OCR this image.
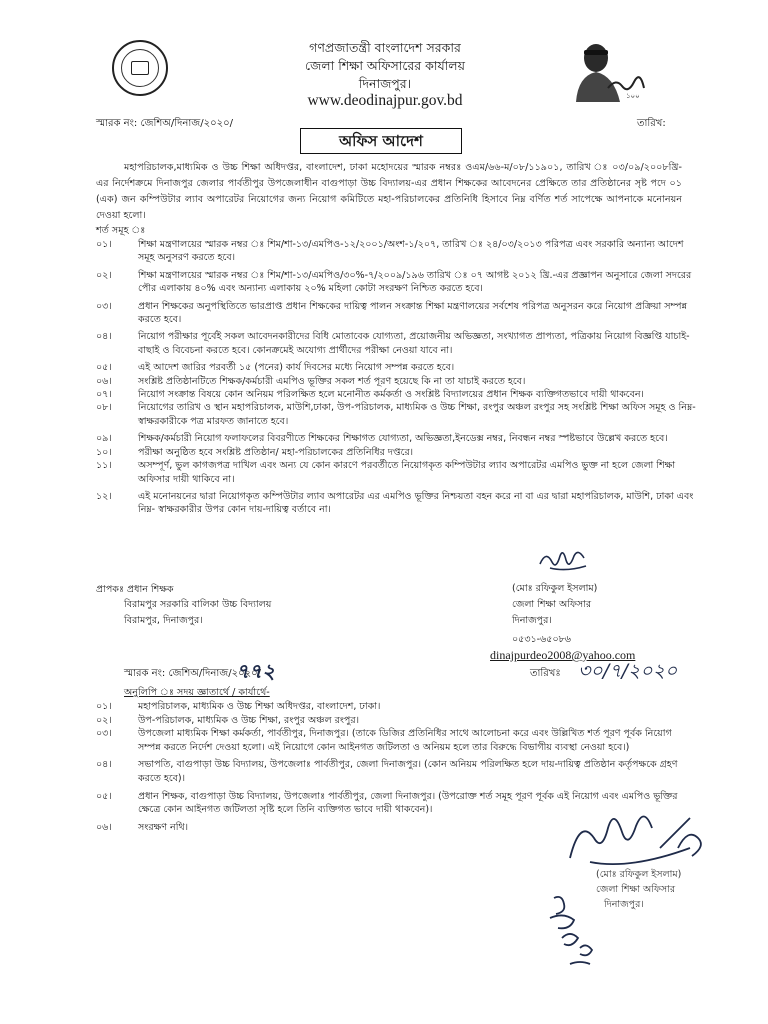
গণপ্রজাতন্ত্রী বাংলাদেশ সরকার
জেলা শিক্ষা অফিসারের কার্যালয়
দিনাজপুর।
www.deodinajpur.gov.bd	১০০
স্মারক নং: জেশিঅ/দিনাজ/২০২০/	তারিখ:
অফিস আদেশ
মহাপরিচালক,মাধ্যমিক ও উচ্চ শিক্ষা অধিদপ্তর, বাংলাদেশ, ঢাকা মহোদয়ের স্মারক নম্বরঃ ওএম/৬৬-ম/০৮/১১৯০১, তারিখ ঃ ০৩/০৯/২০০৮খ্রি-এর নির্দেশক্রমে দিনাজপুর জেলার পার্বতীপুর উপজেলাধীন বাগুপাড়া উচ্চ বিদ্যালয়-এর প্রধান শিক্ষকের আবেদনের প্রেক্ষিতে তার প্রতিষ্ঠানের সৃষ্ট পদে ০১ (এক) জন কম্পিউটার ল্যাব অপারেটর নিয়োগের জন্য নিয়োগ কমিটিতে মহা-পরিচালকের প্রতিনিধি হিসাবে নিম্ন বর্ণিত শর্ত সাপেক্ষে আপনাকে মনোনয়ন দেওয়া হলো।
শর্ত সমূহ ঃ
০১।	শিক্ষা মন্ত্রণালয়ের স্মারক নম্বর ঃ শিম/শা-১৩/এমপিও-১২/২০০১/অংশ-১/২০৭, তারিখ ঃ ২৪/০৩/২০১৩ পরিপত্র এবং সরকারি অন্যান্য আদেশ সমূহ অনুসরণ করতে হবে।
০২।	শিক্ষা মন্ত্রণালয়ের স্মারক নম্বর ঃ শিম/শা-১৩/এমপিও/৩০%-৭/২০০৯/১৯৬ তারিখ ঃ ০৭ আগষ্ট ২০১২ খ্রি.-এর প্রজ্ঞাপন অনুসারে জেলা সদরের পৌর এলাকায় ৪০% এবং অন্যান্য এলাকায় ২০% মহিলা কোটা সংরক্ষণ নিশ্চিত করতে হবে।
০৩।	প্রধান শিক্ষকের অনুপস্থিতিতে ভারপ্রাপ্ত প্রধান শিক্ষকের দায়িত্ব পালন সংক্রান্ত শিক্ষা মন্ত্রণালয়ের সর্বশেষ পরিপত্র অনুসরন করে নিয়োগ প্রক্রিয়া সম্পন্ন করতে হবে।
০৪।	নিয়োগ পরীক্ষার পূর্বেই সকল আবেদনকারীদের বিধি মোতাবেক যোগ্যতা, প্রয়োজনীয় অভিজ্ঞতা, সংখ্যাগত প্রাপ্যতা, পত্রিকায় নিয়োগ বিজ্ঞপ্তি যাচাই-বাছাই ও বিবেচনা করতে হবে। কোনক্রমেই অযোগ্য প্রার্থীদের পরীক্ষা নেওয়া যাবে না।
০৫।	এই আদেশ জারির পরবর্তী ১৫ (পনের) কার্য দিবসের মধ্যে নিয়োগ সম্পন্ন করতে হবে।
০৬।	সংশ্লিষ্ট প্রতিষ্ঠানটিতে শিক্ষক/কর্মচারী এমপিও ভূক্তির সকল শর্ত পূরণ হয়েছে কি না তা যাচাই করতে হবে।
০৭।	নিয়োগ সংক্রান্ত বিষয়ে কোন অনিয়ম পরিলক্ষিত হলে মনোনীত কর্মকর্তা ও সংশ্লিষ্ট বিদ্যালয়ের প্রধান শিক্ষক ব্যক্তিগতভাবে দায়ী থাকবেন।
০৮।	নিয়োগের তারিখ ও স্থান মহাপরিচালক, মাউশি,ঢাকা, উপ-পরিচালক, মাধ্যমিক ও উচ্চ শিক্ষা, রংপুর অঞ্চল রংপুর সহ সংশ্লিষ্ট শিক্ষা অফিস সমূহ ও নিম্ন-স্বাক্ষরকারীকে পত্র মারফত জানাতে হবে।
০৯।	শিক্ষক/কর্মচারী নিয়োগ ফলাফলের বিবরণীতে শিক্ষকের শিক্ষাগত যোগ্যতা, অভিজ্ঞতা,ইনডেক্স নম্বর, নিবন্ধন নম্বর স্পষ্টভাবে উল্লেখ করতে হবে।
১০।	পরীক্ষা অনুষ্ঠিত হবে সংশ্লিষ্ট প্রতিষ্ঠান/ মহা-পরিচালকের প্রতিনিধির দপ্তরে।
১১।	অসম্পূর্ণ, ভুল কাগজপত্র দাখিল এবং অন্য যে কোন কারণে পরবর্তীতে নিয়োগকৃত কম্পিউটার ল্যাব অপারেটর এমপিও ভুক্ত না হলে জেলা শিক্ষা অফিসার দায়ী থাকিবে না।
১২।	এই মনোনয়নের দ্বারা নিয়োগকৃত কম্পিউটার ল্যাব অপারেটর এর এমপিও ভূক্তির নিশ্চয়তা বহন করে না বা এর দ্বারা মহাপরিচালক, মাউশি, ঢাকা এবং নিম্ন- স্বাক্ষরকারীর উপর কোন দায়-দায়িত্ব বর্তাবে না।
(মোঃ রফিকুল ইসলাম)
জেলা শিক্ষা অফিসার
দিনাজপুর।
০৫৩১-৬৫০৮৬
dinajpurdeo2008@yahoo.com
প্রাপকঃ প্রধান শিক্ষক
বিরামপুর সরকারি বালিকা উচ্চ বিদ্যালয়
বিরামপুর, দিনাজপুর।
স্মারক নং: জেশিঅ/দিনাজ/২০২০/
৭৭২	তারিখঃ ৩০/৭/২০২০
অনুলিপি ঃ সদয় জ্ঞাতার্থে / কার্যার্থে-
০১।	মহাপরিচালক, মাধ্যমিক ও উচ্চ শিক্ষা অধিদপ্তর, বাংলাদেশ, ঢাকা।
০২।	উপ-পরিচালক, মাধ্যমিক ও উচ্চ শিক্ষা, রংপুর অঞ্চল রংপুর।
০৩।	উপজেলা মাধ্যমিক শিক্ষা কর্মকর্তা, পার্বতীপুর, দিনাজপুর। (তাকে ডিজির প্রতিনিধির সাথে আলোচনা করে এবং উল্লিখিত শর্ত পূরণ পূর্বক নিয়োগ সম্পন্ন করতে নির্দেশ দেওয়া হলো। এই নিয়োগে কোন আইনগত জটিলতা ও অনিয়ম হলে তার বিরুদ্ধে বিভাগীয় ব্যবস্থা নেওয়া হবে।)
০৪।	সভাপতি, বাগুপাড়া উচ্চ বিদ্যালয়, উপজেলাঃ পার্বতীপুর, জেলা দিনাজপুর। (কোন অনিয়ম পরিলক্ষিত হলে দায়-দায়িত্ব প্রতিষ্ঠান কর্তৃপক্ষকে গ্রহণ করতে হবে)।
০৫।	প্রধান শিক্ষক, বাগুপাড়া উচ্চ বিদ্যালয়, উপজেলাঃ পার্বতীপুর, জেলা দিনাজপুর। (উপরোক্ত শর্ত সমূহ পূরণ পূর্বক এই নিয়োগ এবং এমপিও ভূক্তির ক্ষেত্রে কোন আইনগত জটিলতা সৃষ্টি হলে তিনি ব্যক্তিগত ভাবে দায়ী থাকবেন)।
০৬।	সংরক্ষণ নথি।
(মোঃ রফিকুল ইসলাম)
জেলা শিক্ষা অফিসার
দিনাজপুর।
